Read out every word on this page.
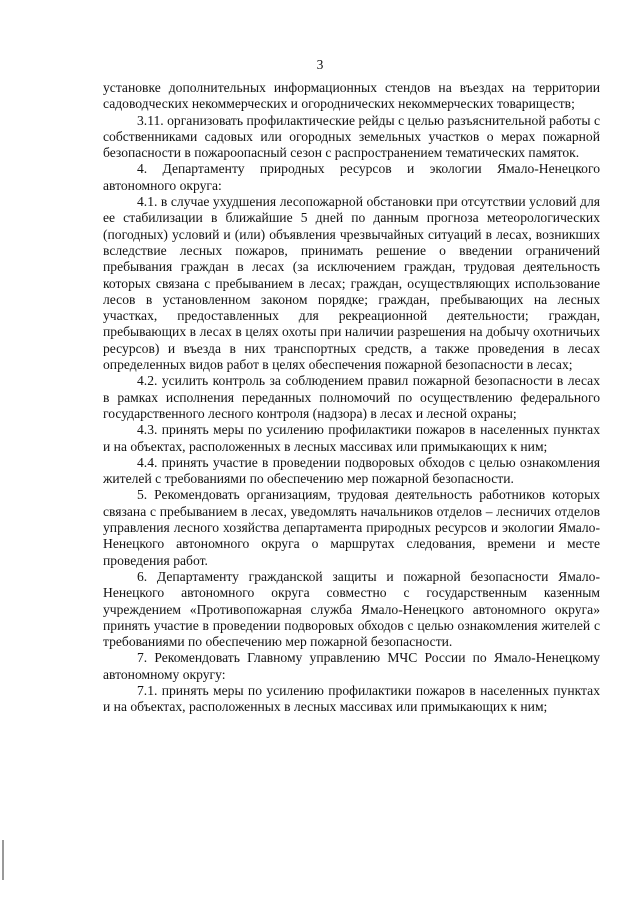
3

установке дополнительных информационных стендов на въездах на территории садоводческих некоммерческих и огороднических некоммерческих товариществ;

3.11. организовать профилактические рейды с целью разъяснительной работы с собственниками садовых или огородных земельных участков о мерах пожарной безопасности в пожароопасный сезон с распространением тематических памяток.

4. Департаменту природных ресурсов и экологии Ямало-Ненецкого автономного округа:

4.1. в случае ухудшения лесопожарной обстановки при отсутствии условий для ее стабилизации в ближайшие 5 дней по данным прогноза метеорологических (погодных) условий и (или) объявления чрезвычайных ситуаций в лесах, возникших вследствие лесных пожаров, принимать решение о введении ограничений пребывания граждан в лесах (за исключением граждан, трудовая деятельность которых связана с пребыванием в лесах; граждан, осуществляющих использование лесов в установленном законом порядке; граждан, пребывающих на лесных участках, предоставленных для рекреационной деятельности; граждан, пребывающих в лесах в целях охоты при наличии разрешения на добычу охотничьих ресурсов) и въезда в них транспортных средств, а также проведения в лесах определенных видов работ в целях обеспечения пожарной безопасности в лесах;

4.2. усилить контроль за соблюдением правил пожарной безопасности в лесах в рамках исполнения переданных полномочий по осуществлению федерального государственного лесного контроля (надзора) в лесах и лесной охраны;

4.3. принять меры по усилению профилактики пожаров в населенных пунктах и на объектах, расположенных в лесных массивах или примыкающих к ним;

4.4. принять участие в проведении подворовых обходов с целью ознакомления жителей с требованиями по обеспечению мер пожарной безопасности.

5. Рекомендовать организациям, трудовая деятельность работников которых связана с пребыванием в лесах, уведомлять начальников отделов – лесничих отделов управления лесного хозяйства департамента природных ресурсов и экологии Ямало-Ненецкого автономного округа о маршрутах следования, времени и месте проведения работ.

6. Департаменту гражданской защиты и пожарной безопасности Ямало-Ненецкого автономного округа совместно с государственным казенным учреждением «Противопожарная служба Ямало-Ненецкого автономного округа» принять участие в проведении подворовых обходов с целью ознакомления жителей с требованиями по обеспечению мер пожарной безопасности.

7. Рекомендовать Главному управлению МЧС России по Ямало-Ненецкому автономному округу:

7.1. принять меры по усилению профилактики пожаров в населенных пунктах и на объектах, расположенных в лесных массивах или примыкающих к ним;
